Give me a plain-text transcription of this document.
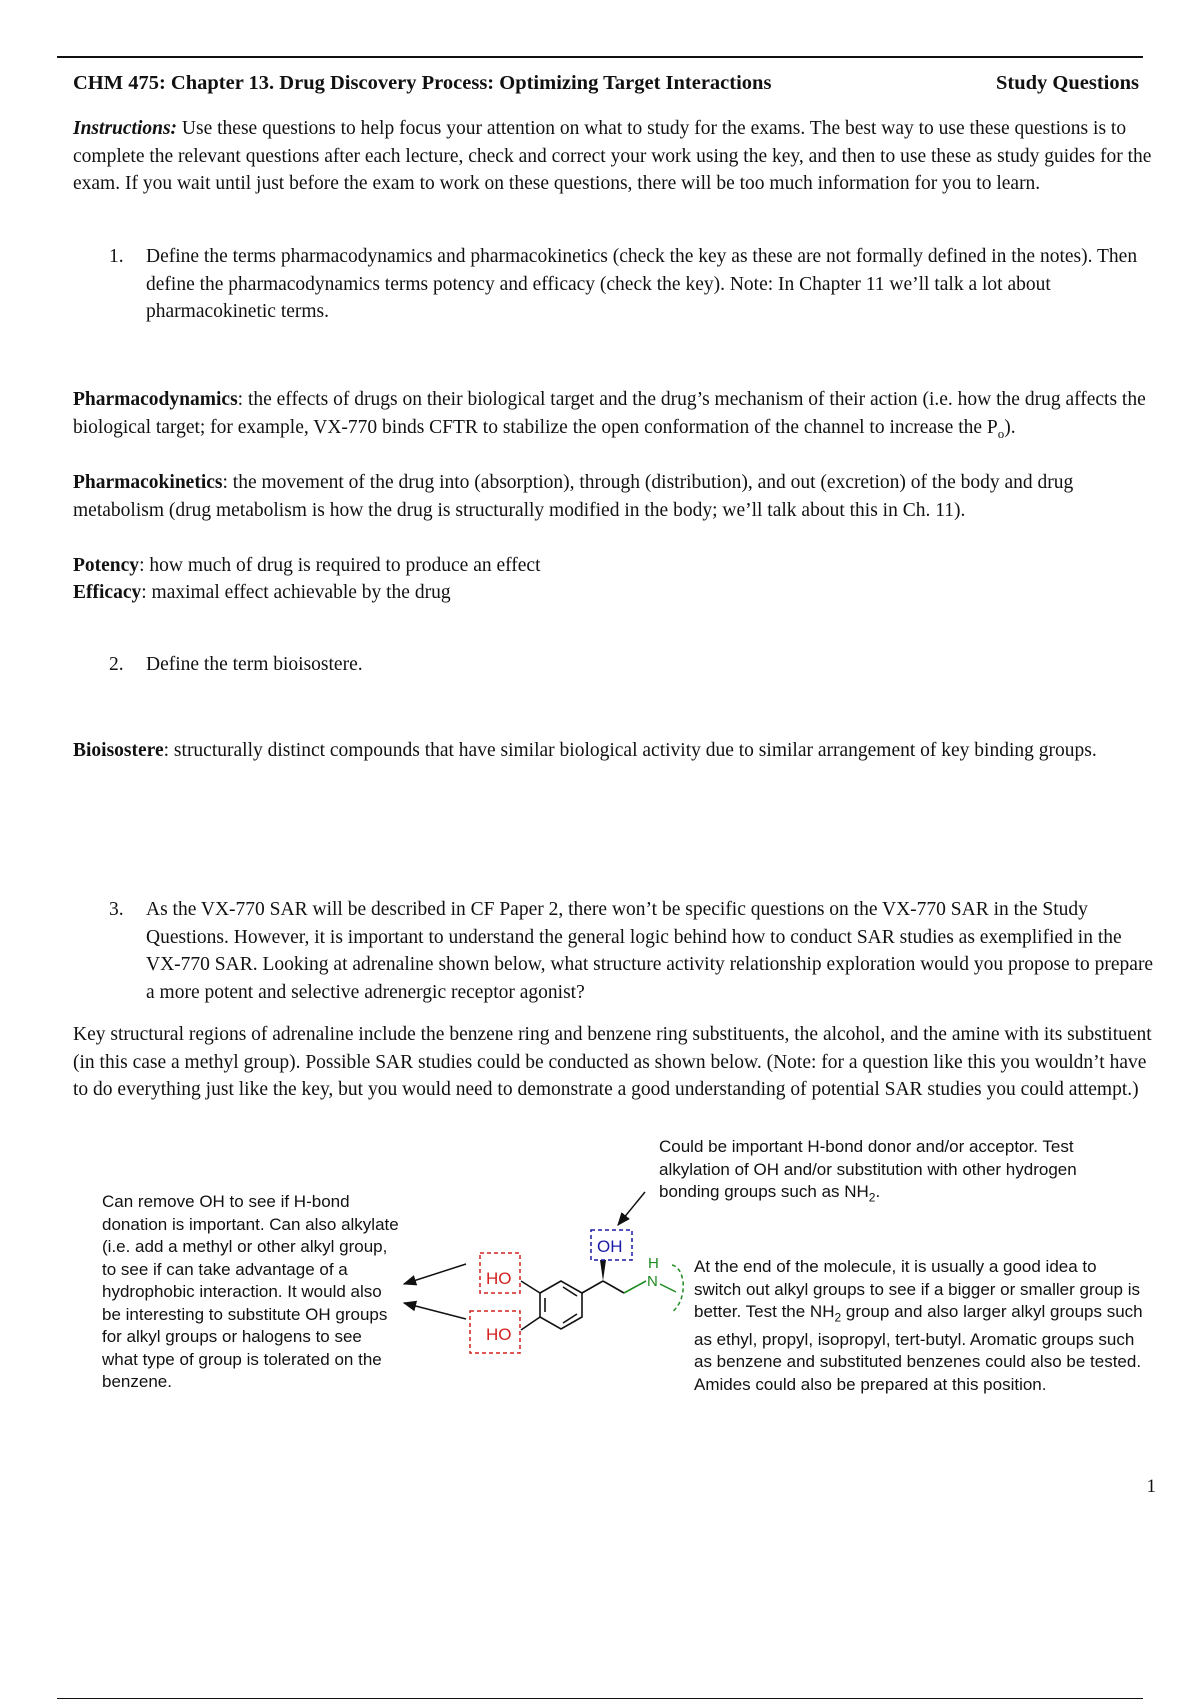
CHM 475: Chapter 13. Drug Discovery Process: Optimizing Target Interactions	Study Questions

Instructions: Use these questions to help focus your attention on what to study for the exams. The best way to use these questions is to complete the relevant questions after each lecture, check and correct your work using the key, and then to use these as study guides for the exam. If you wait until just before the exam to work on these questions, there will be too much information for you to learn.

1. Define the terms pharmacodynamics and pharmacokinetics (check the key as these are not formally defined in the notes). Then define the pharmacodynamics terms potency and efficacy (check the key). Note: In Chapter 11 we’ll talk a lot about pharmacokinetic terms.

Pharmacodynamics: the effects of drugs on their biological target and the drug’s mechanism of their action (i.e. how the drug affects the biological target; for example, VX-770 binds CFTR to stabilize the open conformation of the channel to increase the $P_o$).

Pharmacokinetics: the movement of the drug into (absorption), through (distribution), and out (excretion) of the body and drug metabolism (drug metabolism is how the drug is structurally modified in the body; we’ll talk about this in Ch. 11).

Potency: how much of drug is required to produce an effect

Efficacy: maximal effect achievable by the drug

2. Define the term bioisostere.

Bioisostere: structurally distinct compounds that have similar biological activity due to similar arrangement of key binding groups.

3. As the VX-770 SAR will be described in CF Paper 2, there won’t be specific questions on the VX-770 SAR in the Study Questions. However, it is important to understand the general logic behind how to conduct SAR studies as exemplified in the VX-770 SAR. Looking at adrenaline shown below, what structure activity relationship exploration would you propose to prepare a more potent and selective adrenergic receptor agonist?

Key structural regions of adrenaline include the benzene ring and benzene ring substituents, the alcohol, and the amine with its substituent (in this case a methyl group). Possible SAR studies could be conducted as shown below. (Note: for a question like this you wouldn’t have to do everything just like the key, but you would need to demonstrate a good understanding of potential SAR studies you could attempt.)

Could be important H-bond donor and/or acceptor. Test alkylation of OH and/or substitution with other hydrogen bonding groups such as $NH_2$.
Can remove OH to see if H-bond donation is important. Can also alkylate (i.e. add a methyl or other alkyl group, to see if can take advantage of a hydrophobic interaction. It would also be interesting to substitute OH groups for alkyl groups or halogens to see what type of group is tolerated on the benzene.
At the end of the molecule, it is usually a good idea to switch out alkyl groups to see if a bigger or smaller group is better. Test the $NH_2$ group and also larger alkyl groups such as ethyl, propyl, isopropyl, tert-butyl. Aromatic groups such as benzene and substituted benzenes could also be tested. Amides could also be prepared at this position.
HO
HO
OH
H
N
1
